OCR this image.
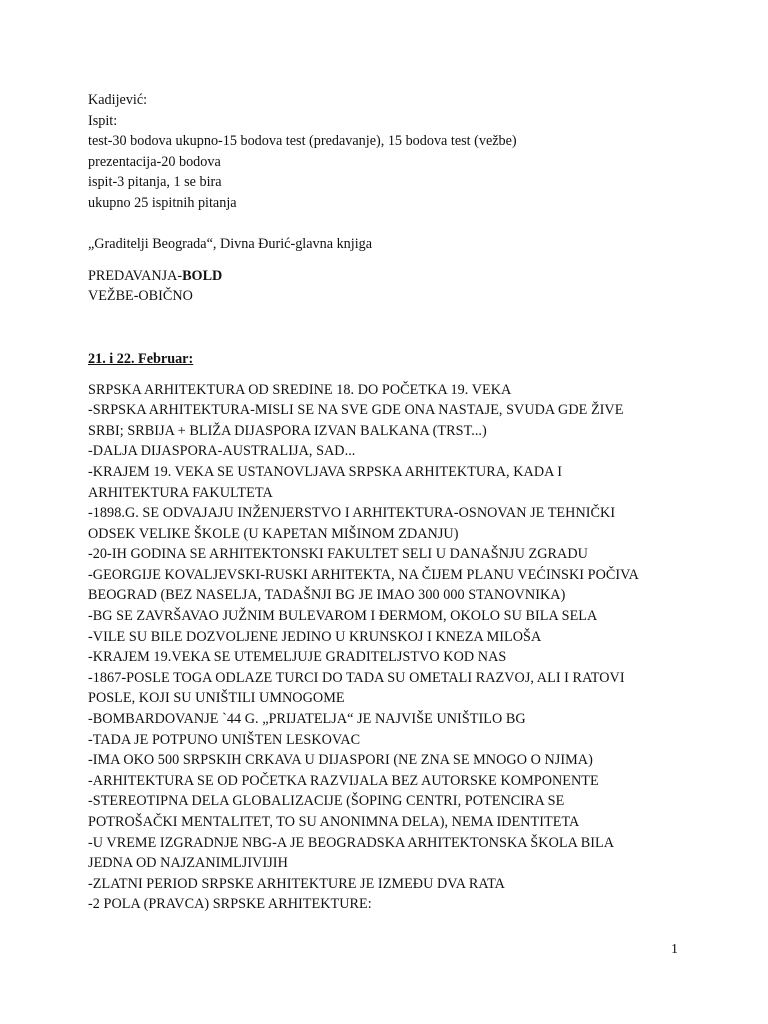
Kadijević:
Ispit:
test-30 bodova ukupno-15 bodova test (predavanje), 15 bodova test (vežbe)
prezentacija-20 bodova
ispit-3 pitanja, 1 se bira
ukupno 25 ispitnih pitanja
„Graditelji Beograda“, Divna Đurić-glavna knjiga
PREDAVANJA-BOLD
VEŽBE-OBIČNO
21. i 22. Februar:
SRPSKA ARHITEKTURA OD SREDINE 18. DO POČETKA 19. VEKA
-SRPSKA ARHITEKTURA-MISLI SE NA SVE GDE ONA NASTAJE, SVUDA GDE ŽIVE
SRBI; SRBIJA + BLIŽA DIJASPORA IZVAN BALKANA (TRST...)
-DALJA DIJASPORA-AUSTRALIJA, SAD...
-KRAJEM 19. VEKA SE USTANOVLJAVA SRPSKA ARHITEKTURA, KADA I
ARHITEKTURA FAKULTETA
-1898.G. SE ODVAJAJU INŽENJERSTVO I ARHITEKTURA-OSNOVAN JE TEHNIČKI
ODSEK VELIKE ŠKOLE (U KAPETAN MIŠINOM ZDANJU)
-20-IH GODINA SE ARHITEKTONSKI FAKULTET SELI U DANAŠNJU ZGRADU
-GEORGIJE KOVALJEVSKI-RUSKI ARHITEKTA, NA ČIJEM PLANU VEĆINSKI POČIVA
BEOGRAD (BEZ NASELJA, TADAŠNJI BG JE IMAO 300 000 STANOVNIKA)
-BG SE ZAVRŠAVAO JUŽNIM BULEVAROM I ĐERMOM, OKOLO SU BILA SELA
-VILE SU BILE DOZVOLJENE JEDINO U KRUNSKOJ I KNEZA MILOŠA
-KRAJEM 19.VEKA SE UTEMELJUJE GRADITELJSTVO KOD NAS
-1867-POSLE TOGA ODLAZE TURCI DO TADA SU OMETALI RAZVOJ, ALI I RATOVI
POSLE, KOJI SU UNIŠTILI UMNOGOME
-BOMBARDOVANJE `44 G. „PRIJATELJA“ JE NAJVIŠE UNIŠTILO BG
-TADA JE POTPUNO UNIŠTEN LESKOVAC
-IMA OKO 500 SRPSKIH CRKAVA U DIJASPORI (NE ZNA SE MNOGO O NJIMA)
-ARHITEKTURA SE OD POČETKA RAZVIJALA BEZ AUTORSKE KOMPONENTE
-STEREOTIPNA DELA GLOBALIZACIJE (ŠOPING CENTRI, POTENCIRA SE
POTROŠAČKI MENTALITET, TO SU ANONIMNA DELA), NEMA IDENTITETA
-U VREME IZGRADNJE NBG-A JE BEOGRADSKA ARHITEKTONSKA ŠKOLA BILA
JEDNA OD NAJZANIMLJIVIJIH
-ZLATNI PERIOD SRPSKE ARHITEKTURE JE IZMEĐU DVA RATA
-2 POLA (PRAVCA) SRPSKE ARHITEKTURE:
1
